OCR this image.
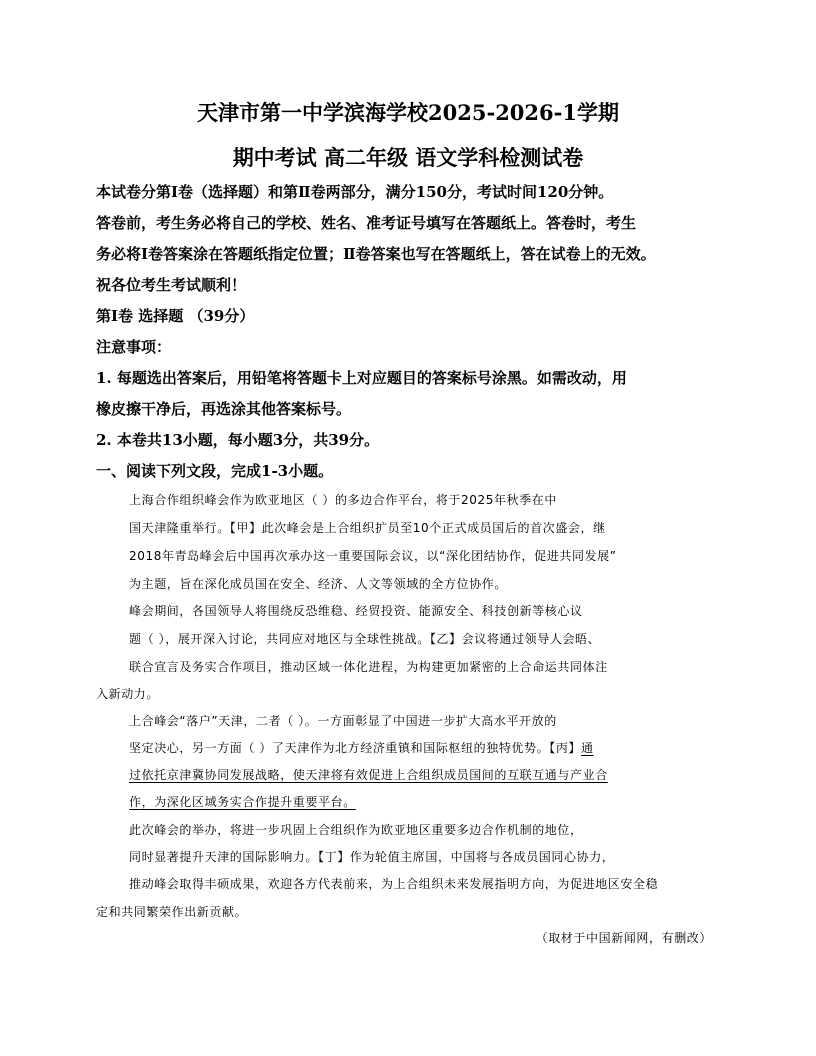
天津市第一中学滨海学校2025-2026-1学期
期中考试 高二年级 语文学科检测试卷
本试卷分第Ⅰ卷（选择题）和第Ⅱ卷两部分，满分150分，考试时间120分钟。
答卷前，考生务必将自己的学校、姓名、准考证号填写在答题纸上。答卷时，考生
务必将Ⅰ卷答案涂在答题纸指定位置；Ⅱ卷答案也写在答题纸上，答在试卷上的无效。
祝各位考生考试顺利！
第Ⅰ卷 选择题 （39分）
注意事项：
1. 每题选出答案后，用铅笔将答题卡上对应题目的答案标号涂黑。如需改动，用
橡皮擦干净后，再选涂其他答案标号。
2. 本卷共13小题，每小题3分，共39分。
一、阅读下列文段，完成1-3小题。
上海合作组织峰会作为欧亚地区（ ）的多边合作平台，将于2025年秋季在中
国天津隆重举行。【甲】此次峰会是上合组织扩员至10个正式成员国后的首次盛会，继
2018年青岛峰会后中国再次承办这一重要国际会议，以“深化团结协作，促进共同发展”
为主题，旨在深化成员国在安全、经济、人文等领域的全方位协作。
峰会期间，各国领导人将围绕反恐维稳、经贸投资、能源安全、科技创新等核心议
题（ ），展开深入讨论，共同应对地区与全球性挑战。【乙】会议将通过领导人会晤、
联合宣言及务实合作项目，推动区域一体化进程，为构建更加紧密的上合命运共同体注
入新动力。
上合峰会“落户”天津，二者（ ）。一方面彰显了中国进一步扩大高水平开放的
坚定决心，另一方面（ ）了天津作为北方经济重镇和国际枢纽的独特优势。【丙】通
过依托京津冀协同发展战略，使天津将有效促进上合组织成员国间的互联互通与产业合
作，为深化区域务实合作提升重要平台。
此次峰会的举办，将进一步巩固上合组织作为欧亚地区重要多边合作机制的地位，
同时显著提升天津的国际影响力。【丁】作为轮值主席国，中国将与各成员国同心协力，
推动峰会取得丰硕成果，欢迎各方代表前来，为上合组织未来发展指明方向，为促进地区安全稳
定和共同繁荣作出新贡献。
（取材于中国新闻网，有删改）
